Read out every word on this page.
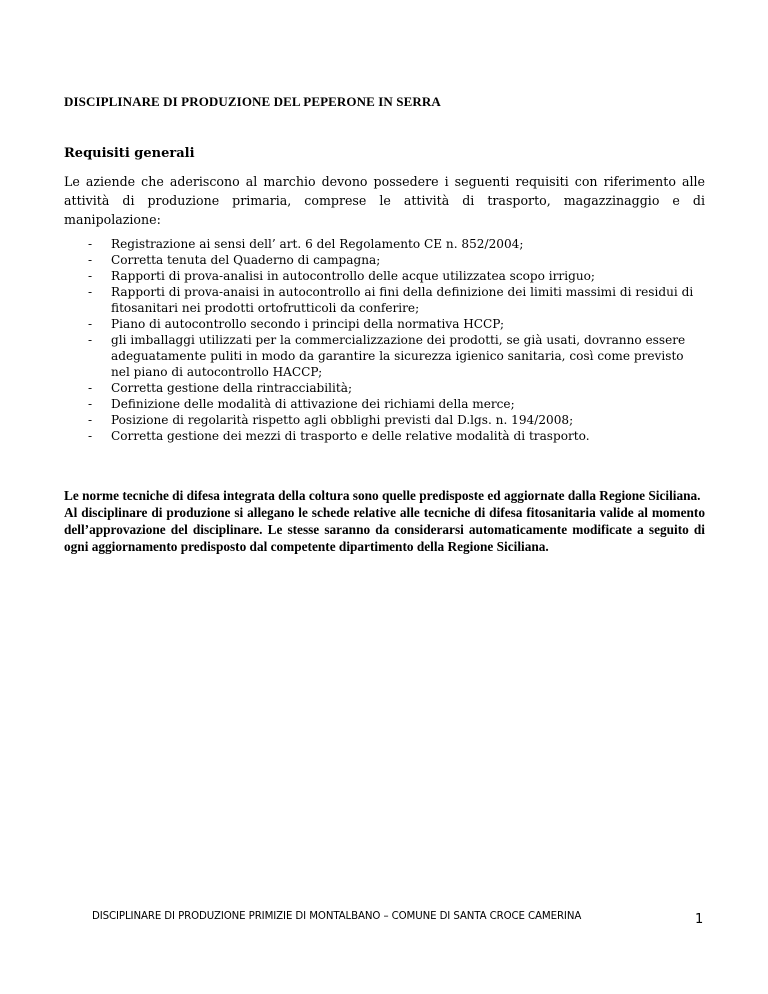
DISCIPLINARE DI PRODUZIONE DEL PEPERONE IN SERRA
Requisiti generali

Le aziende che aderiscono al marchio devono possedere i seguenti requisiti con riferimento alle attività di produzione primaria, comprese le attività di trasporto, magazzinaggio e di manipolazione:

- Registrazione ai sensi dell’ art. 6 del Regolamento CE n. 852/2004;
- Corretta tenuta del Quaderno di campagna;
- Rapporti di prova-analisi in autocontrollo delle acque utilizzatea scopo irriguo;
- Rapporti di prova-anaisi in autocontrollo ai fini della definizione dei limiti massimi di residui di fitosanitari nei prodotti ortofrutticoli da conferire;
- Piano di autocontrollo secondo i principi della normativa HCCP;
- gli imballaggi utilizzati per la commercializzazione dei prodotti, se già usati, dovranno essere adeguatamente puliti in modo da garantire la sicurezza igienico sanitaria, così come previsto nel piano di autocontrollo HACCP;
- Corretta gestione della rintracciabilità;
- Definizione delle modalità di attivazione dei richiami della merce;
- Posizione di regolarità rispetto agli obblighi previsti dal D.lgs. n. 194/2008;
- Corretta gestione dei mezzi di trasporto e delle relative modalità di trasporto.

Le norme tecniche di difesa integrata della coltura sono quelle predisposte ed aggiornate dalla Regione Siciliana.

Al disciplinare di produzione si allegano le schede relative alle tecniche di difesa fitosanitaria valide al momento dell’approvazione del disciplinare. Le stesse saranno da considerarsi automaticamente modificate a seguito di ogni aggiornamento predisposto dal competente dipartimento della Regione Siciliana.

DISCIPLINARE DI PRODUZIONE PRIMIZIE DI MONTALBANO – COMUNE DI SANTA CROCE CAMERINA	1
